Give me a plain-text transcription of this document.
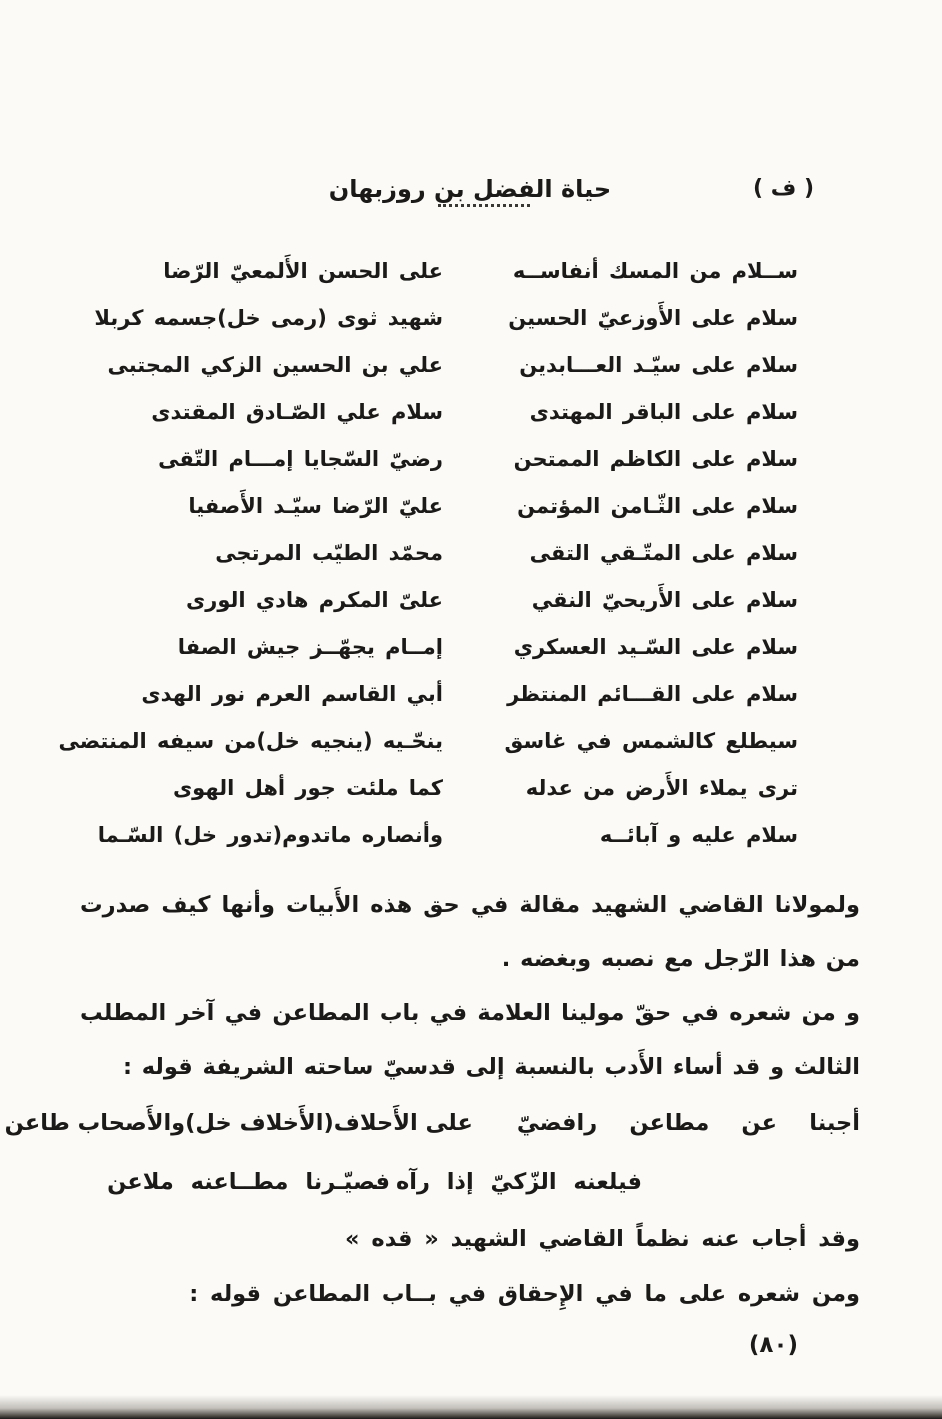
حياة الفضل بن روزبهان	( ف )
ســلام من المسك أنفاســه
على الحسن الأَلمعيّ الرّضا
سلام على الأَوزعيّ الحسين
شهيد ثوى (رمى خل)جسمه كربلا
سلام على سيّـد العـــابدين
علي بن الحسين الزكي المجتبى
سلام على الباقر المهتدى
سلام علي الصّـادق المقتدى
سلام على الكاظم الممتحن
رضيّ السّجايا إمـــام التّقى
سلام على الثّـامن المؤتمن
عليّ الرّضا سيّـد الأَصفيا
سلام على المتّـقي التقى
محمّد الطيّب المرتجى
سلام على الأَريحيّ النقي
علىّ المكرم هادي الورى
سلام على السّـيد العسكري
إمــام يجهّــز جيش الصفا
سلام على القـــائم المنتظر
أبي القاسم العرم نور الهدى
سيطلع كالشمس في غاسق
ينحّـيه (ينجيه خل)من سيفه المنتضى
ترى يملاء الأَرض من عدله
كما ملئت جور أهل الهوى
سلام عليه و آبائــه
وأنصاره ماتدوم(تدور خل) السّـما
ولمولانا القاضي الشهيد مقالة في حق هذه الأَبيات وأنها كيف صدرت من هذا الرّجل مع نصبه وبغضه .
و من شعره في حقّ مولينا العلامة في باب المطاعن في آخر المطلب الثالث و قد أساء الأَدب بالنسبة إلى قدسيّ ساحته الشريفة قوله :
أجبنا عن مطاعن رافضيّ
على الأَحلاف(الأَخلاف خل)والأَصحاب طاعن
فيلعنه الزّكيّ إذا رآه .
فصيّـرنا مطــاعنه ملاعن
وقد أجاب عنه نظماً القاضي الشهيد « قده »
ومن شعره على ما في الإِحقاق في بــاب المطاعن قوله :
(٨٠)
